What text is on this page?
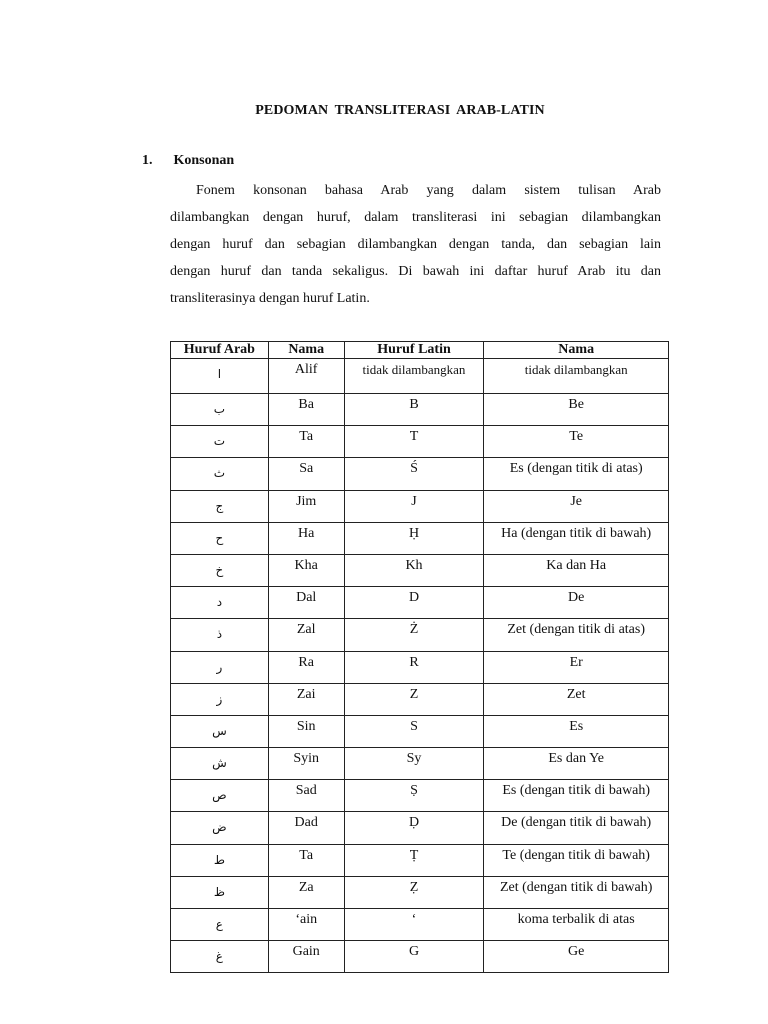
PEDOMAN TRANSLITERASI ARAB-LATIN
1. Konsonan
Fonem konsonan bahasa Arab yang dalam sistem tulisan Arab
dilambangkan dengan huruf, dalam transliterasi ini sebagian dilambangkan
dengan huruf dan sebagian dilambangkan dengan tanda, dan sebagian lain
dengan huruf dan tanda sekaligus. Di bawah ini daftar huruf Arab itu dan
transliterasinya dengan huruf Latin.
Huruf Arab	Nama	Huruf Latin	Nama
ا	Alif	tidak dilambangkan	tidak dilambangkan
ب	Ba	B	Be
ت	Ta	T	Te
ث	Sa	Ś	Es (dengan titik di atas)
ج	Jim	J	Je
ح	Ha	Ḥ	Ha (dengan titik di bawah)
خ	Kha	Kh	Ka dan Ha
د	Dal	D	De
ذ	Zal	Ż	Zet (dengan titik di atas)
ر	Ra	R	Er
ز	Zai	Z	Zet
س	Sin	S	Es
ش	Syin	Sy	Es dan Ye
ص	Sad	Ṣ	Es (dengan titik di bawah)
ض	Dad	Ḍ	De (dengan titik di bawah)
ط	Ta	Ṭ	Te (dengan titik di bawah)
ظ	Za	Ẓ	Zet (dengan titik di bawah)
ع	‘ain	‘	koma terbalik di atas
غ	Gain	G	Ge
